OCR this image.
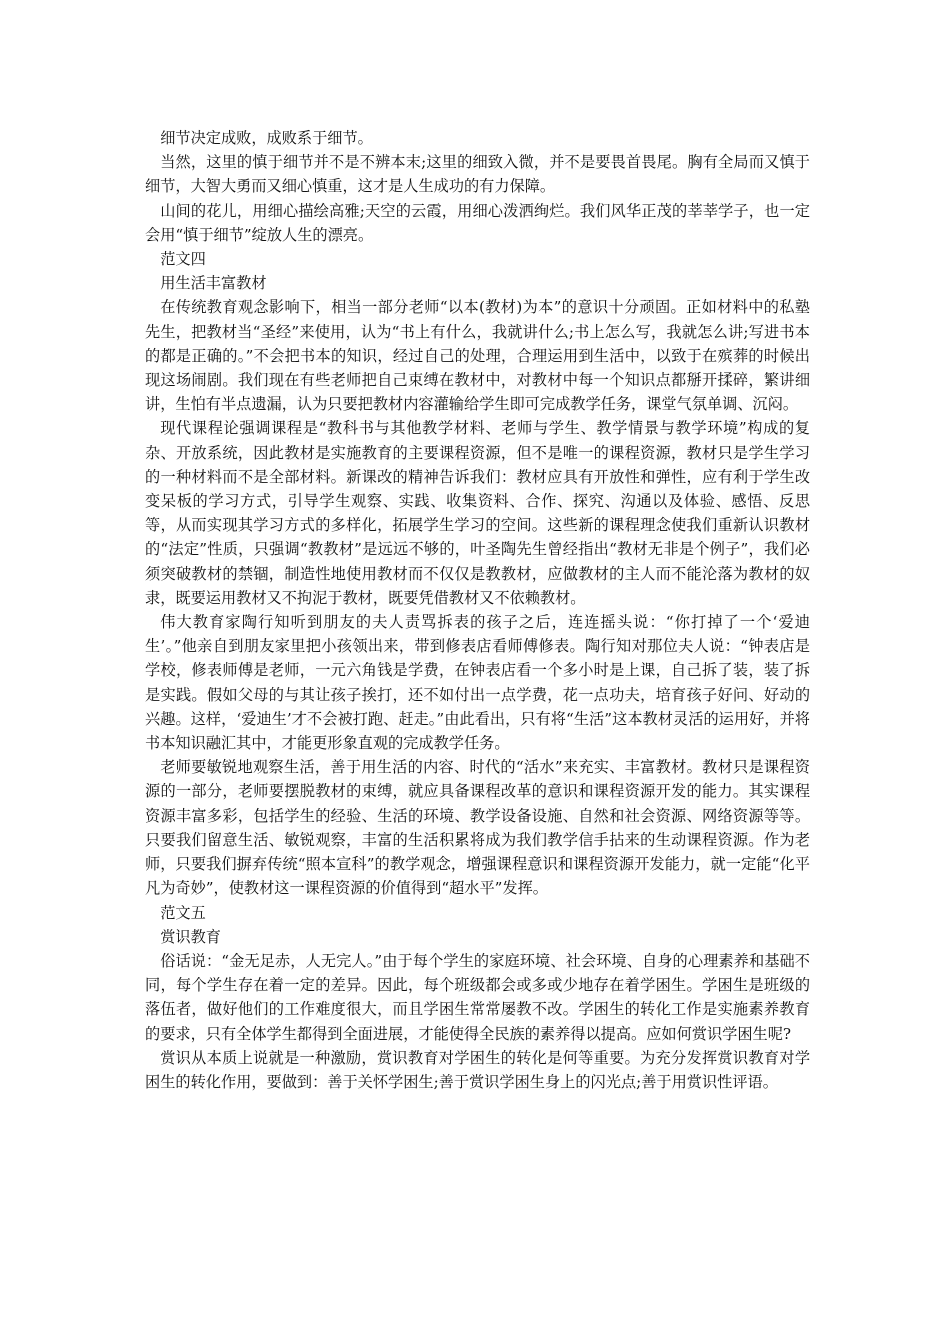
细节决定成败，成败系于细节。

当然，这里的慎于细节并不是不辨本末;这里的细致入微，并不是要畏首畏尾。胸有全局而又慎于细节，大智大勇而又细心慎重，这才是人生成功的有力保障。

山间的花儿，用细心描绘高雅;天空的云霞，用细心泼洒绚烂。我们风华正茂的莘莘学子，也一定会用“慎于细节”绽放人生的漂亮。

范文四

用生活丰富教材

在传统教育观念影响下，相当一部分老师“以本(教材)为本”的意识十分顽固。正如材料中的私塾先生，把教材当“圣经”来使用，认为“书上有什么，我就讲什么;书上怎么写，我就怎么讲;写进书本的都是正确的。”不会把书本的知识，经过自己的处理，合理运用到生活中，以致于在殡葬的时候出现这场闹剧。我们现在有些老师把自己束缚在教材中，对教材中每一个知识点都掰开揉碎，繁讲细讲，生怕有半点遗漏，认为只要把教材内容灌输给学生即可完成教学任务，课堂气氛单调、沉闷。

现代课程论强调课程是“教科书与其他教学材料、老师与学生、教学情景与教学环境”构成的复杂、开放系统，因此教材是实施教育的主要课程资源，但不是唯一的课程资源，教材只是学生学习的一种材料而不是全部材料。新课改的精神告诉我们：教材应具有开放性和弹性，应有利于学生改变呆板的学习方式，引导学生观察、实践、收集资料、合作、探究、沟通以及体验、感悟、反思等，从而实现其学习方式的多样化，拓展学生学习的空间。这些新的课程理念使我们重新认识教材的“法定”性质，只强调“教教材”是远远不够的，叶圣陶先生曾经指出“教材无非是个例子”，我们必须突破教材的禁锢，制造性地使用教材而不仅仅是教教材，应做教材的主人而不能沦落为教材的奴隶，既要运用教材又不拘泥于教材，既要凭借教材又不依赖教材。

伟大教育家陶行知听到朋友的夫人责骂拆表的孩子之后，连连摇头说：“你打掉了一个‘爱迪生’。”他亲自到朋友家里把小孩领出来，带到修表店看师傅修表。陶行知对那位夫人说：“钟表店是学校，修表师傅是老师，一元六角钱是学费，在钟表店看一个多小时是上课，自己拆了装，装了拆是实践。假如父母的与其让孩子挨打，还不如付出一点学费，花一点功夫，培育孩子好问、好动的兴趣。这样，‘爱迪生’才不会被打跑、赶走。”由此看出，只有将“生活”这本教材灵活的运用好，并将书本知识融汇其中，才能更形象直观的完成教学任务。

老师要敏锐地观察生活，善于用生活的内容、时代的“活水”来充实、丰富教材。教材只是课程资源的一部分，老师要摆脱教材的束缚，就应具备课程改革的意识和课程资源开发的能力。其实课程资源丰富多彩，包括学生的经验、生活的环境、教学设备设施、自然和社会资源、网络资源等等。只要我们留意生活、敏锐观察，丰富的生活积累将成为我们教学信手拈来的生动课程资源。作为老师，只要我们摒弃传统“照本宣科”的教学观念，增强课程意识和课程资源开发能力，就一定能“化平凡为奇妙”，使教材这一课程资源的价值得到“超水平”发挥。

范文五

赏识教育

俗话说：“金无足赤，人无完人。”由于每个学生的家庭环境、社会环境、自身的心理素养和基础不同，每个学生存在着一定的差异。因此，每个班级都会或多或少地存在着学困生。学困生是班级的落伍者，做好他们的工作难度很大，而且学困生常常屡教不改。学困生的转化工作是实施素养教育的要求，只有全体学生都得到全面进展，才能使得全民族的素养得以提高。应如何赏识学困生呢?

赏识从本质上说就是一种激励，赏识教育对学困生的转化是何等重要。为充分发挥赏识教育对学困生的转化作用，要做到：善于关怀学困生;善于赏识学困生身上的闪光点;善于用赏识性评语。
